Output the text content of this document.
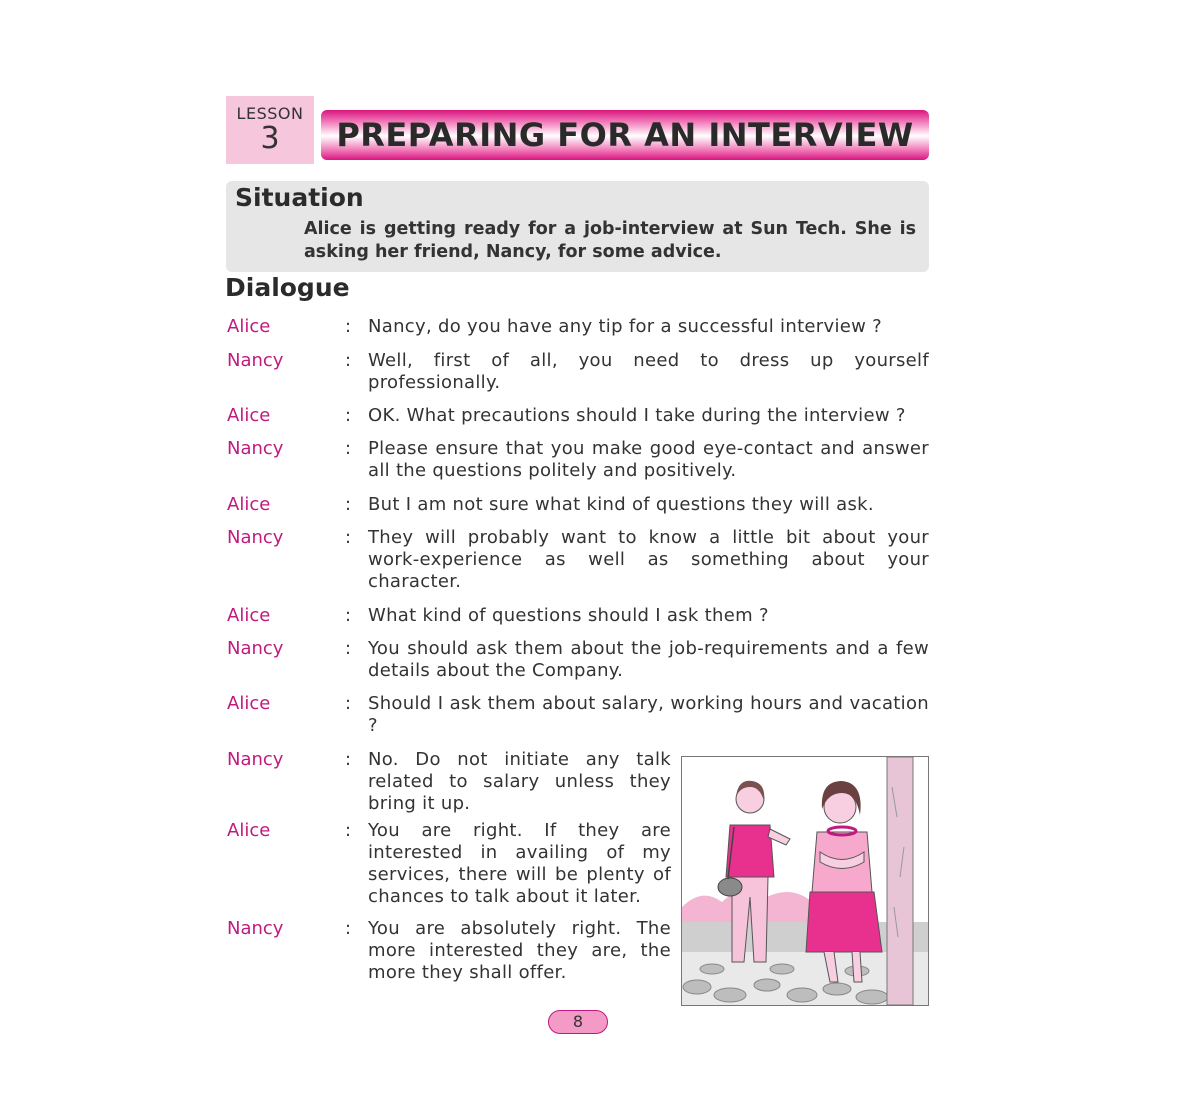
LESSON
3	PREPARING FOR AN INTERVIEW
Situation
Alice is getting ready for a job-interview at Sun Tech. She is asking her friend, Nancy, for some advice.
Dialogue
Alice	: Nancy, do you have any tip for a successful interview ?
Nancy	: Well, first of all, you need to dress up yourself professionally.
Alice	: OK. What precautions should I take during the interview ?
Nancy	: Please ensure that you make good eye-contact and answer all the questions politely and positively.
Alice	: But I am not sure what kind of questions they will ask.
Nancy	: They will probably want to know a little bit about your work-experience as well as something about your character.
Alice	: What kind of questions should I ask them ?
Nancy	: You should ask them about the job-requirements and a few details about the Company.
Alice	: Should I ask them about salary, working hours and vacation ?
Nancy	: No. Do not initiate any talk related to salary unless they bring it up.
Alice	: You are right. If they are interested in availing of my services, there will be plenty of chances to talk about it later.
Nancy	: You are absolutely right. The more interested they are, the more they shall offer.
8
